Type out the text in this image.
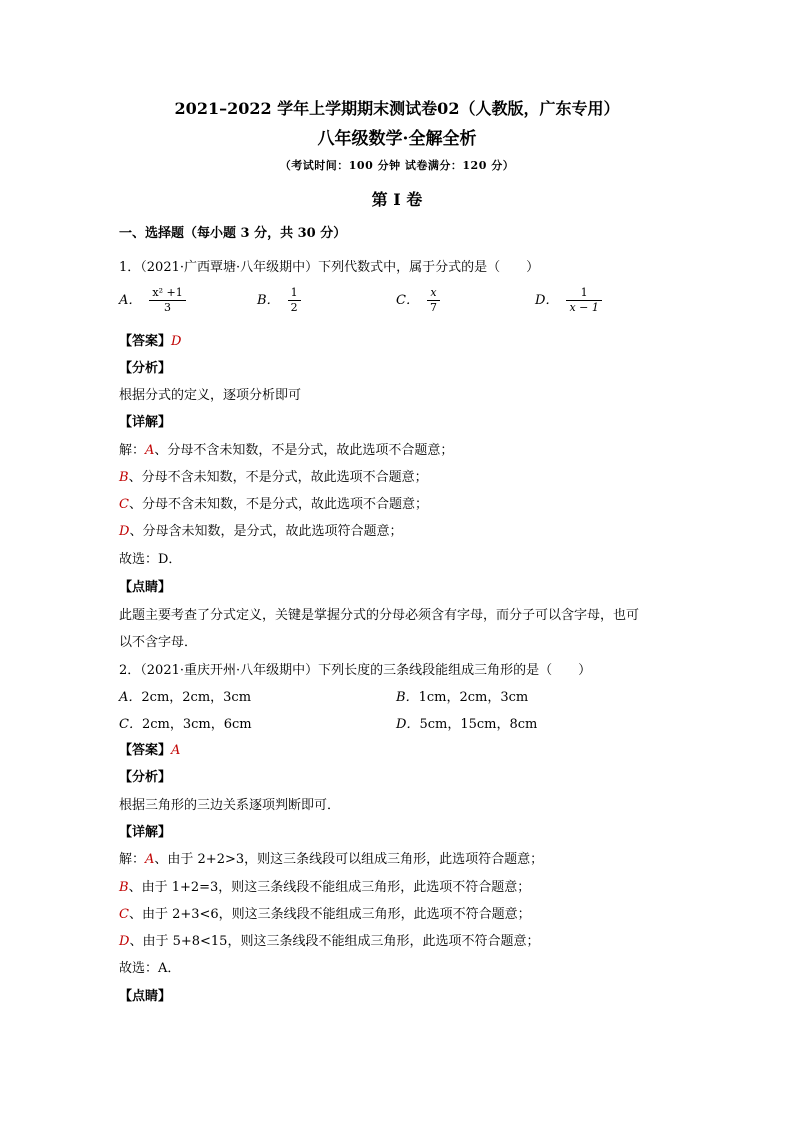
2021–2022 学年上学期期末测试卷02（人教版，广东专用）
八年级数学·全解全析
（考试时间：100 分钟 试卷满分：120 分）
第 I 卷
一、选择题（每小题 3 分，共 30 分）
1．（2021·广西覃塘·八年级期中）下列代数式中，属于分式的是（　　）
A． $\frac{\text{x² +1}}{3}$	B． $\frac{1}{2}$	C． $\frac{x}{7}$	D． $\frac{1}{x - 1}$
【答案】D
【分析】
根据分式的定义，逐项分析即可
【详解】
解：A、分母不含未知数，不是分式，故此选项不合题意；
B、分母不含未知数，不是分式，故此选项不合题意；
C、分母不含未知数，不是分式，故此选项不合题意；
D、分母含未知数，是分式，故此选项符合题意；
故选：D．
【点睛】
此题主要考查了分式定义，关键是掌握分式的分母必须含有字母，而分子可以含字母，也可
以不含字母．
2．（2021·重庆开州·八年级期中）下列长度的三条线段能组成三角形的是（　　）
A．2cm，2cm，3cm	B．1cm，2cm，3cm
C．2cm，3cm，6cm	D．5cm，15cm，8cm
【答案】A
【分析】
根据三角形的三边关系逐项判断即可．
【详解】
解：A、由于 2+2>3，则这三条线段可以组成三角形，此选项符合题意；
B、由于 1+2=3，则这三条线段不能组成三角形，此选项不符合题意；
C、由于 2+3<6，则这三条线段不能组成三角形，此选项不符合题意；
D、由于 5+8<15，则这三条线段不能组成三角形，此选项不符合题意；
故选：A．
【点睛】
